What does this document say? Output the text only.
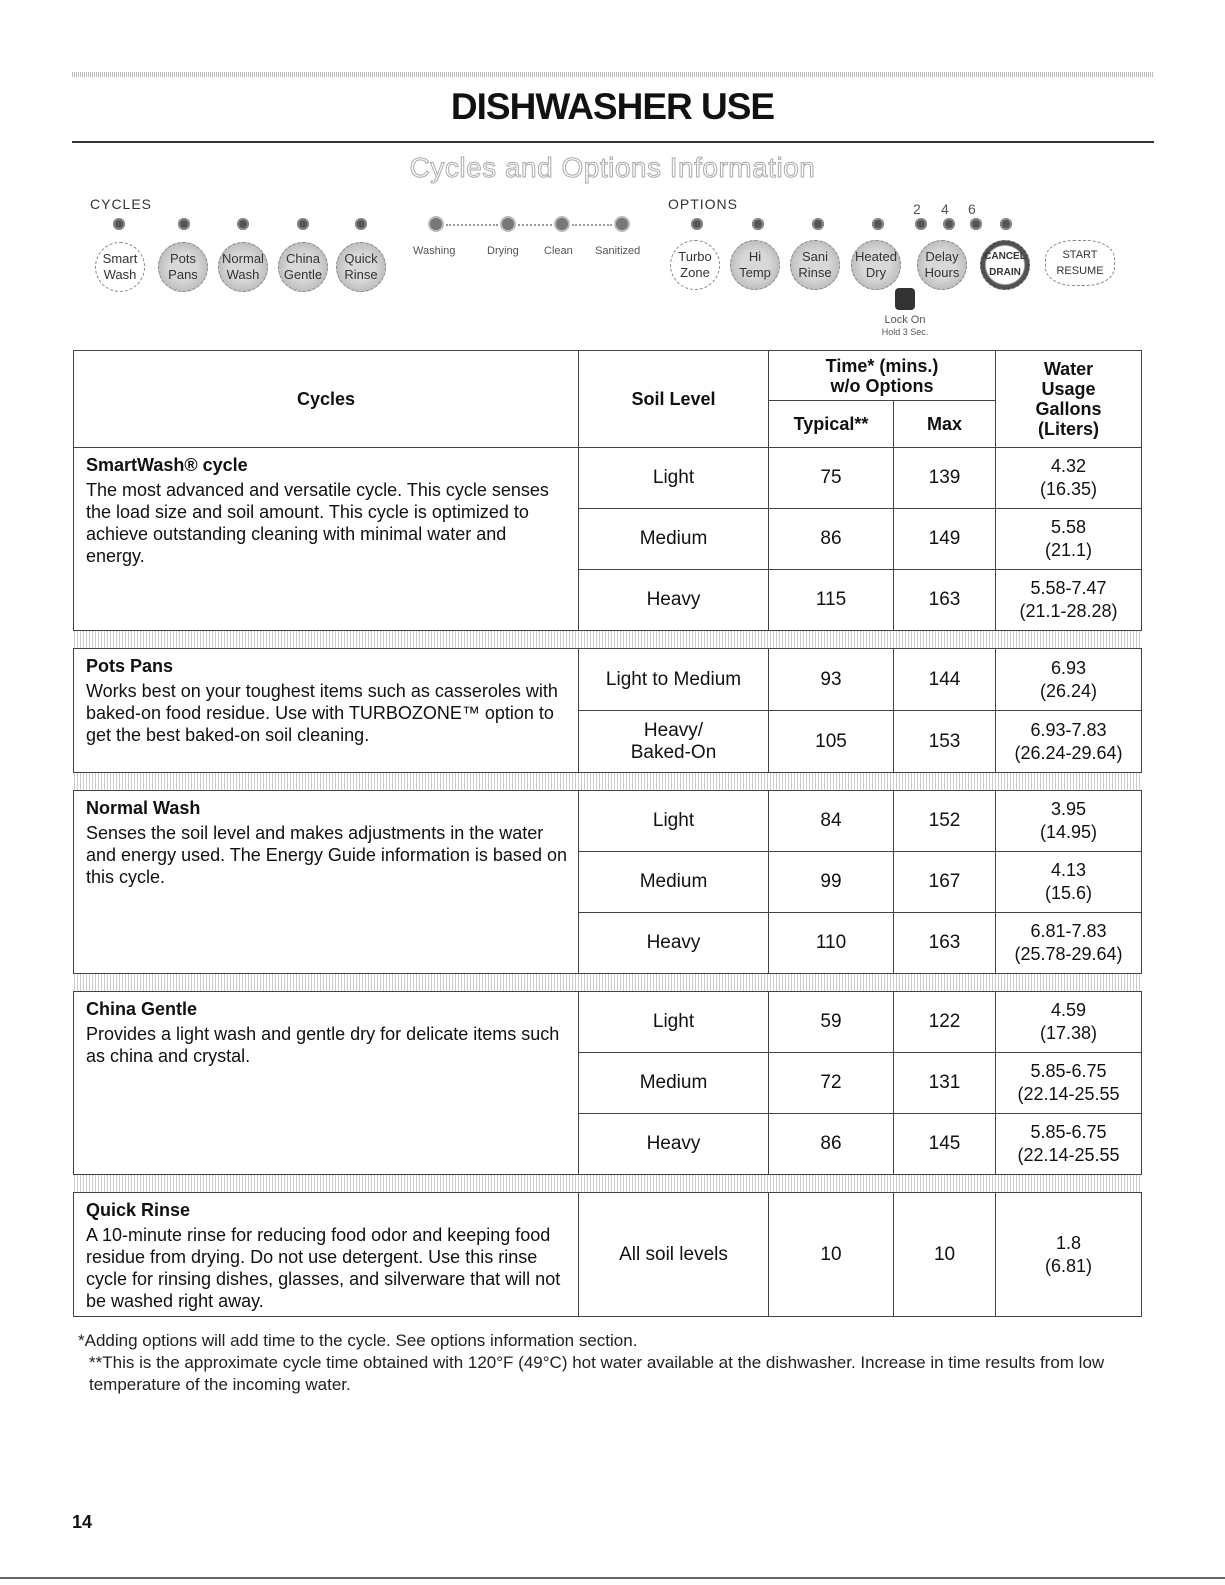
DISHWASHER USE
Cycles and Options Information
CYCLES	OPTIONS
Smart
Wash
Pots
Pans
Normal
Wash
China
Gentle
Quick
Rinse
Washing	Drying Clean Sanitized
2 4 6
Turbo
Zone
Hi
Temp
Sani
Rinse
Heated
Dry
Delay
Hours
CANCEL
DRAIN
START
RESUME
Lock On
Hold 3 Sec.
Cycles	Soil Level	Time* (mins.)
w/o Options		Water
Usage
Gallons
(Liters)
		Typical**	Max	

SmartWash® cycle
The most advanced and versatile cycle. This cycle senses the load size and soil amount. This cycle is optimized to achieve outstanding cleaning with minimal water and energy.	Light	75	139	4.32
(16.35)
	Medium	86	149	5.58
(21.1)
	Heavy	115	163	5.58-7.47
(21.1-28.28)

Pots Pans
Works best on your toughest items such as casseroles with baked-on food residue. Use with TURBOZONE™ option to get the best baked-on soil cleaning.	Light to Medium	93	144	6.93
(26.24)
	Heavy/
Baked-On	105	153	6.93-7.83
(26.24-29.64)

Normal Wash
Senses the soil level and makes adjustments in the water and energy used. The Energy Guide information is based on this cycle.	Light	84	152	3.95
(14.95)
	Medium	99	167	4.13
(15.6)
	Heavy	110	163	6.81-7.83
(25.78-29.64)

China Gentle
Provides a light wash and gentle dry for delicate items such as china and crystal.	Light	59	122	4.59
(17.38)
	Medium	72	131	5.85-6.75
(22.14-25.55
	Heavy	86	145	5.85-6.75
(22.14-25.55

Quick Rinse
A 10-minute rinse for reducing food odor and keeping food residue from drying. Do not use detergent. Use this rinse cycle for rinsing dishes, glasses, and silverware that will not be washed right away.	All soil levels	10	10	1.8
(6.81)
*Adding options will add time to the cycle. See options information section.
**This is the approximate cycle time obtained with 120°F (49°C) hot water available at the dishwasher. Increase in time results from low temperature of the incoming water.
14
